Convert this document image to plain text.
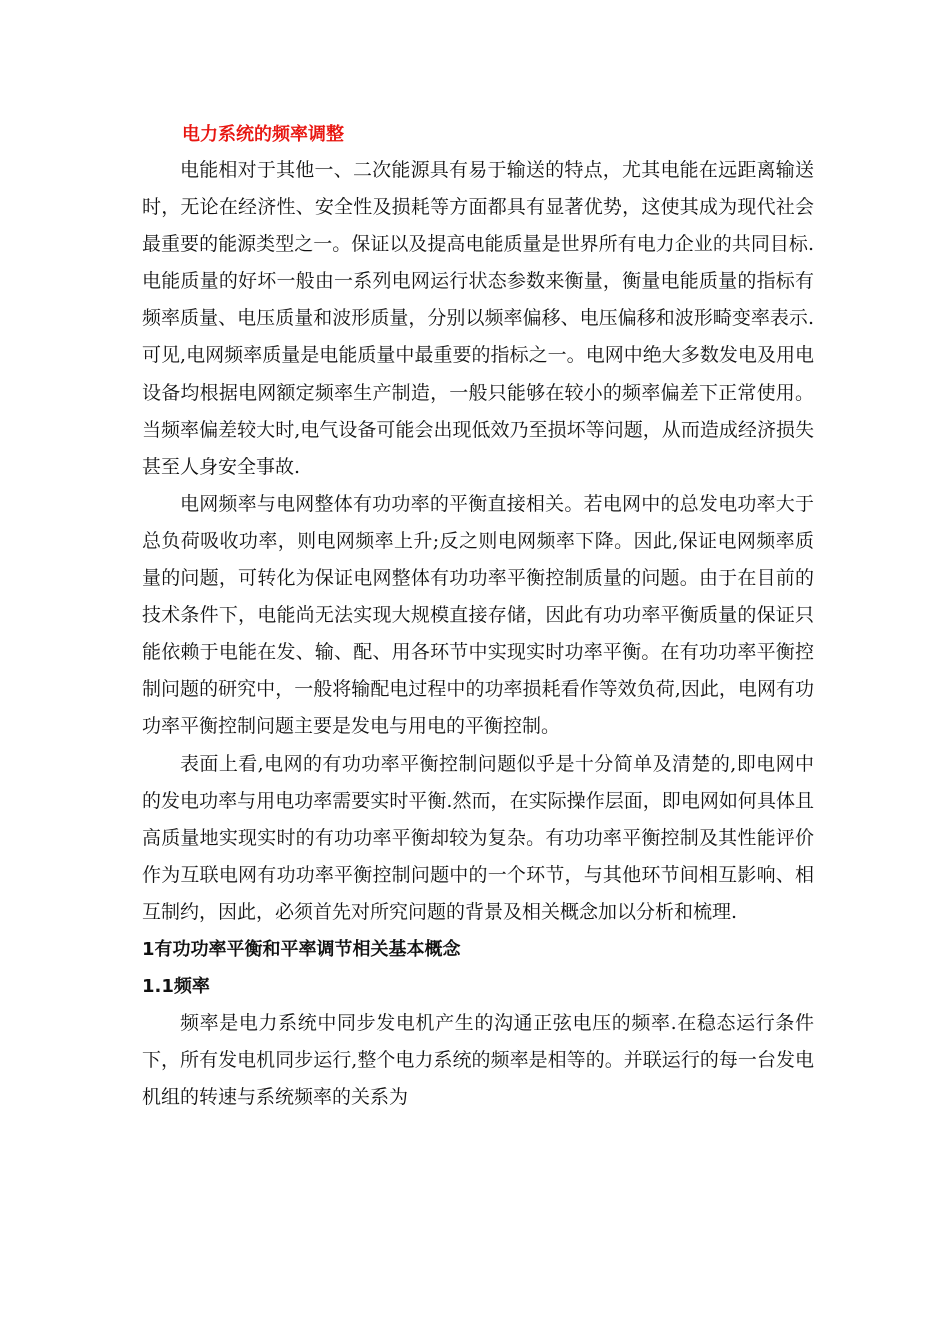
电力系统的频率调整

电能相对于其他一、二次能源具有易于输送的特点，尤其电能在远距离输送时，无论在经济性、安全性及损耗等方面都具有显著优势，这使其成为现代社会最重要的能源类型之一。保证以及提高电能质量是世界所有电力企业的共同目标.电能质量的好坏一般由一系列电网运行状态参数来衡量，衡量电能质量的指标有频率质量、电压质量和波形质量，分别以频率偏移、电压偏移和波形畸变率表示.可见,电网频率质量是电能质量中最重要的指标之一。电网中绝大多数发电及用电设备均根据电网额定频率生产制造，一般只能够在较小的频率偏差下正常使用。当频率偏差较大时,电气设备可能会出现低效乃至损坏等问题，从而造成经济损失甚至人身安全事故.

电网频率与电网整体有功功率的平衡直接相关。若电网中的总发电功率大于总负荷吸收功率，则电网频率上升;反之则电网频率下降。因此,保证电网频率质量的问题，可转化为保证电网整体有功功率平衡控制质量的问题。由于在目前的技术条件下，电能尚无法实现大规模直接存储，因此有功功率平衡质量的保证只能依赖于电能在发、输、配、用各环节中实现实时功率平衡。在有功功率平衡控制问题的研究中，一般将输配电过程中的功率损耗看作等效负荷,因此，电网有功功率平衡控制问题主要是发电与用电的平衡控制。

表面上看,电网的有功功率平衡控制问题似乎是十分简单及清楚的,即电网中的发电功率与用电功率需要实时平衡.然而，在实际操作层面，即电网如何具体且高质量地实现实时的有功功率平衡却较为复杂。有功功率平衡控制及其性能评价作为互联电网有功功率平衡控制问题中的一个环节，与其他环节间相互影响、相互制约，因此，必须首先对所究问题的背景及相关概念加以分析和梳理.

1有功功率平衡和平率调节相关基本概念
1.1频率

频率是电力系统中同步发电机产生的沟通正弦电压的频率.在稳态运行条件下，所有发电机同步运行,整个电力系统的频率是相等的。并联运行的每一台发电机组的转速与系统频率的关系为
